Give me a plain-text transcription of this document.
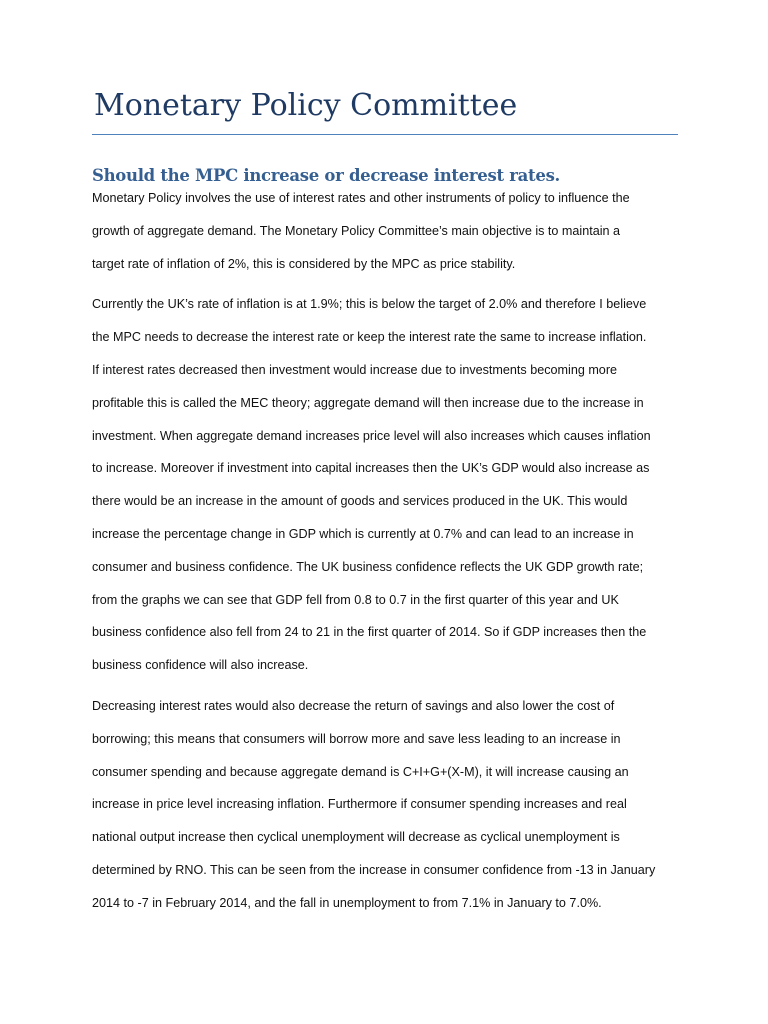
Monetary Policy Committee
Should the MPC increase or decrease interest rates.

Monetary Policy involves the use of interest rates and other instruments of policy to influence the
growth of aggregate demand. The Monetary Policy Committee’s main objective is to maintain a
target rate of inflation of 2%, this is considered by the MPC as price stability.

Currently the UK’s rate of inflation is at 1.9%; this is below the target of 2.0% and therefore I believe
the MPC needs to decrease the interest rate or keep the interest rate the same to increase inflation.
If interest rates decreased then investment would increase due to investments becoming more
profitable this is called the MEC theory; aggregate demand will then increase due to the increase in
investment. When aggregate demand increases price level will also increases which causes inflation
to increase. Moreover if investment into capital increases then the UK’s GDP would also increase as
there would be an increase in the amount of goods and services produced in the UK. This would
increase the percentage change in GDP which is currently at 0.7% and can lead to an increase in
consumer and business confidence. The UK business confidence reflects the UK GDP growth rate;
from the graphs we can see that GDP fell from 0.8 to 0.7 in the first quarter of this year and UK
business confidence also fell from 24 to 21 in the first quarter of 2014. So if GDP increases then the
business confidence will also increase.

Decreasing interest rates would also decrease the return of savings and also lower the cost of
borrowing; this means that consumers will borrow more and save less leading to an increase in
consumer spending and because aggregate demand is C+I+G+(X-M), it will increase causing an
increase in price level increasing inflation. Furthermore if consumer spending increases and real
national output increase then cyclical unemployment will decrease as cyclical unemployment is
determined by RNO. This can be seen from the increase in consumer confidence from -13 in January
2014 to -7 in February 2014, and the fall in unemployment to from 7.1% in January to 7.0%.
